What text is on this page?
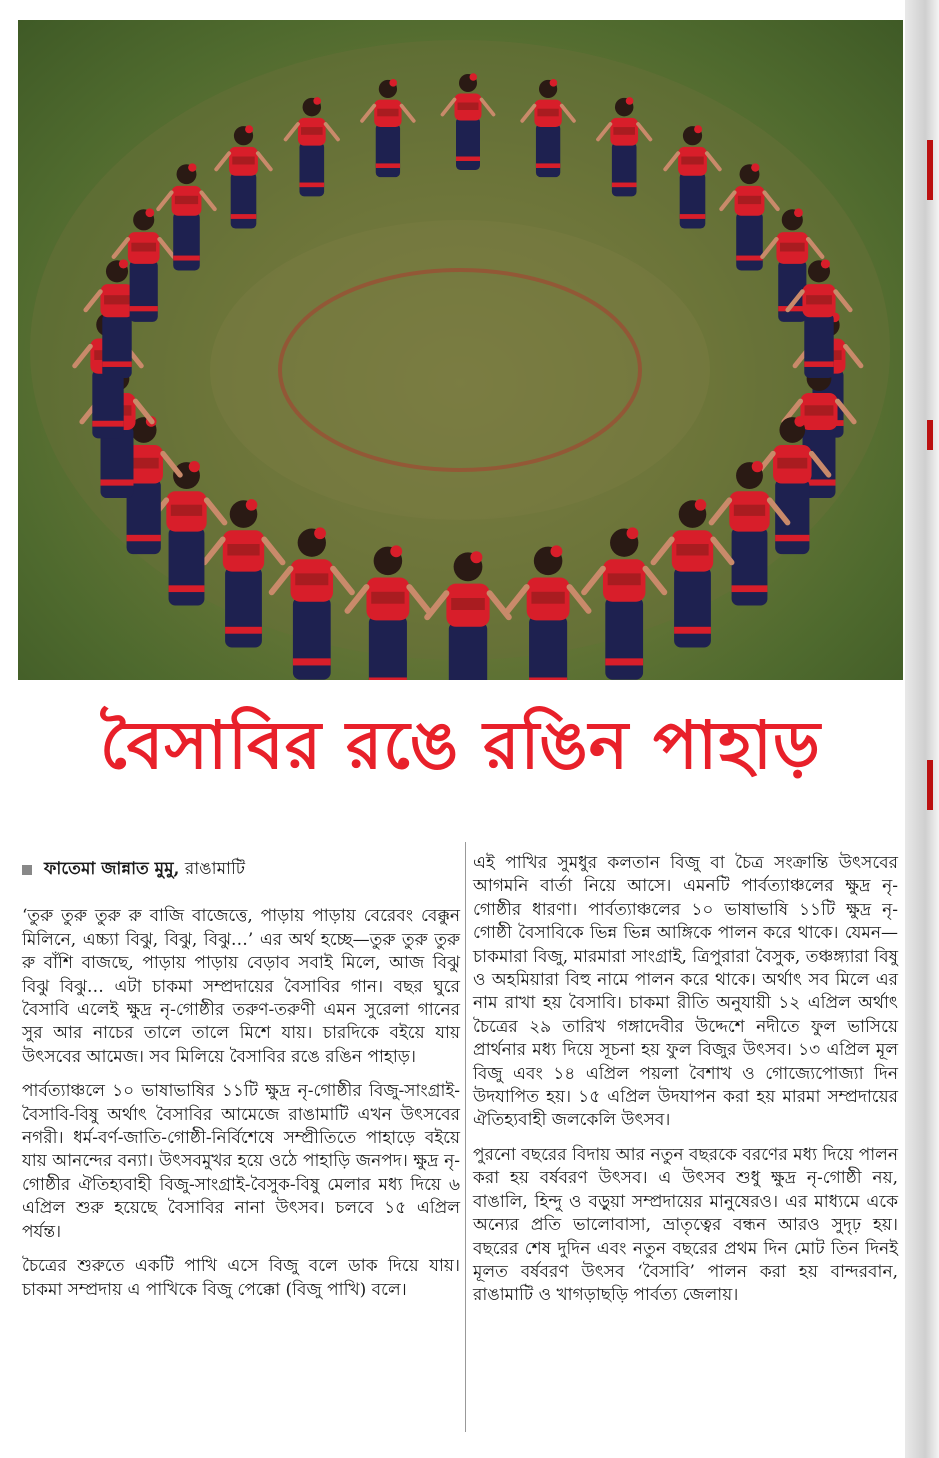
বৈসাবির রঙে রঙিন পাহাড়
ফাতেমা জান্নাত মুমু, রাঙামাটি

‘তুরু তুরু তুরু রু বাজি বাজেত্তে, পাড়ায় পাড়ায় বেরেবং বেক্কুন মিলিনে, এচ্চ্যা বিঝু, বিঝু, বিঝু…’ এর অর্থ হচ্ছে—তুরু তুরু তুরু রু বাঁশি বাজছে, পাড়ায় পাড়ায় বেড়াব সবাই মিলে, আজ বিঝু বিঝু বিঝু… এটা চাকমা সম্প্রদায়ের বৈসাবির গান। বছর ঘুরে বৈসাবি এলেই ক্ষুদ্র নৃ-গোষ্ঠীর তরুণ-তরুণী এমন সুরেলা গানের সুর আর নাচের তালে তালে মিশে যায়। চারদিকে বইয়ে যায় উৎসবের আমেজ। সব মিলিয়ে বৈসাবির রঙে রঙিন পাহাড়।

পার্বত্যাঞ্চলে ১০ ভাষাভাষির ১১টি ক্ষুদ্র নৃ-গোষ্ঠীর বিজু-সাংগ্রাই-বৈসাবি-বিষু অর্থাৎ বৈসাবির আমেজে রাঙামাটি এখন উৎসবের নগরী। ধর্ম-বর্ণ-জাতি-গোষ্ঠী-নির্বিশেষে সম্প্রীতিতে পাহাড়ে বইয়ে যায় আনন্দের বন্যা। উৎসবমুখর হয়ে ওঠে পাহাড়ি জনপদ। ক্ষুদ্র নৃ-গোষ্ঠীর ঐতিহ্যবাহী বিজু-সাংগ্রাই-বৈসুক-বিষু মেলার মধ্য দিয়ে ৬ এপ্রিল শুরু হয়েছে বৈসাবির নানা উৎসব। চলবে ১৫ এপ্রিল পর্যন্ত।

চৈত্রের শুরুতে একটি পাখি এসে বিজু বলে ডাক দিয়ে যায়। চাকমা সম্প্রদায় এ পাখিকে বিজু পেক্কো (বিজু পাখি) বলে।

এই পাখির সুমধুর কলতান বিজু বা চৈত্র সংক্রান্তি উৎসবের আগমনি বার্তা নিয়ে আসে। এমনটি পার্বত্যাঞ্চলের ক্ষুদ্র নৃ-গোষ্ঠীর ধারণা। পার্বত্যাঞ্চলের ১০ ভাষাভাষি ১১টি ক্ষুদ্র নৃ-গোষ্ঠী বৈসাবিকে ভিন্ন ভিন্ন আঙ্গিকে পালন করে থাকে। যেমন—চাকমারা বিজু, মারমারা সাংগ্রাই, ত্রিপুরারা বৈসুক, তঞ্চঙ্গ্যারা বিষু ও অহমিয়ারা বিহু নামে পালন করে থাকে। অর্থাৎ সব মিলে এর নাম রাখা হয় বৈসাবি। চাকমা রীতি অনুযায়ী ১২ এপ্রিল অর্থাৎ চৈত্রের ২৯ তারিখ গঙ্গাদেবীর উদ্দেশে নদীতে ফুল ভাসিয়ে প্রার্থনার মধ্য দিয়ে সূচনা হয় ফুল বিজুর উৎসব। ১৩ এপ্রিল মূল বিজু এবং ১৪ এপ্রিল পয়লা বৈশাখ ও গোজ্যেপোজ্যা দিন উদযাপিত হয়। ১৫ এপ্রিল উদযাপন করা হয় মারমা সম্প্রদায়ের ঐতিহ্যবাহী জলকেলি উৎসব।

পুরনো বছরের বিদায় আর নতুন বছরকে বরণের মধ্য দিয়ে পালন করা হয় বর্ষবরণ উৎসব। এ উৎসব শুধু ক্ষুদ্র নৃ-গোষ্ঠী নয়, বাঙালি, হিন্দু ও বড়ুয়া সম্প্রদায়ের মানুষেরও। এর মাধ্যমে একে অন্যের প্রতি ভালোবাসা, ভ্রাতৃত্বের বন্ধন আরও সুদৃঢ় হয়। বছরের শেষ দুদিন এবং নতুন বছরের প্রথম দিন মোট তিন দিনই মূলত বর্ষবরণ উৎসব ‘বৈসাবি’ পালন করা হয় বান্দরবান, রাঙামাটি ও খাগড়াছড়ি পার্বত্য জেলায়।
